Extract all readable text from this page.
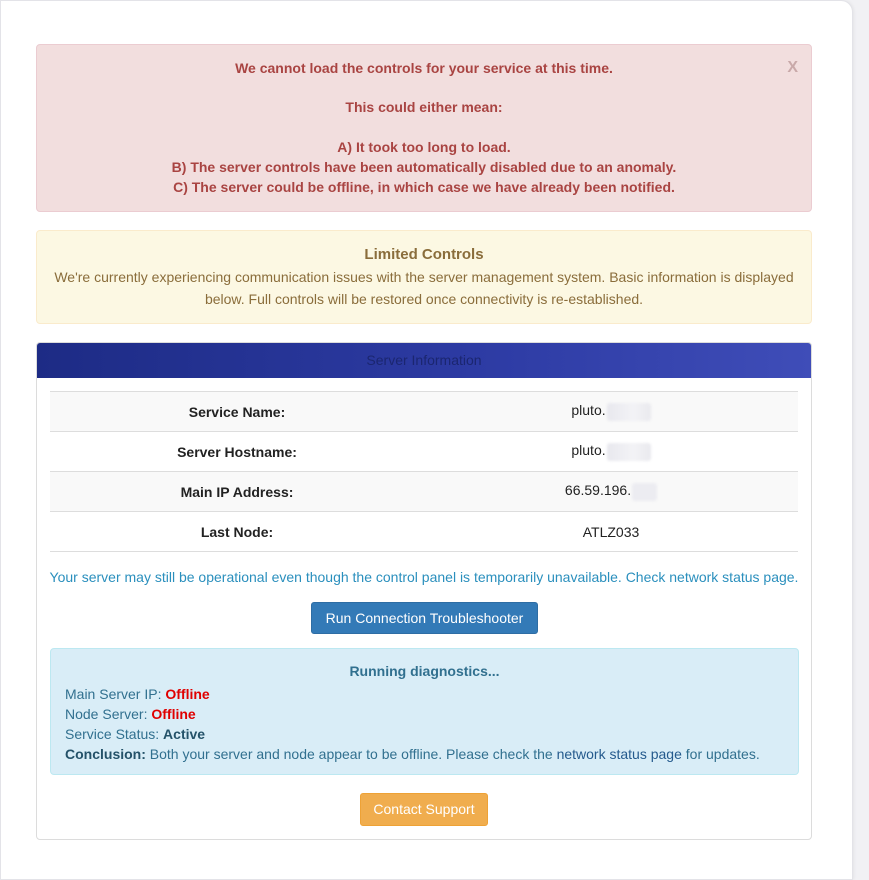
We cannot load the controls for your service at this time.
This could either mean:
A) It took too long to load.
B) The server controls have been automatically disabled due to an anomaly.
C) The server could be offline, in which case we have already been notified.
X
Limited Controls
We're currently experiencing communication issues with the server management system. Basic information is displayed below. Full controls will be restored once connectivity is re-established.
Server Information
Service Name:	pluto.
Server Hostname:	pluto.
Main IP Address:	66.59.196.
Last Node:	ATLZ033
Your server may still be operational even though the control panel is temporarily unavailable. Check network status page.
Run Connection Troubleshooter
Running diagnostics...
Main Server IP: Offline
Node Server: Offline
Service Status: Active
Conclusion: Both your server and node appear to be offline. Please check the network status page for updates.
Contact Support
